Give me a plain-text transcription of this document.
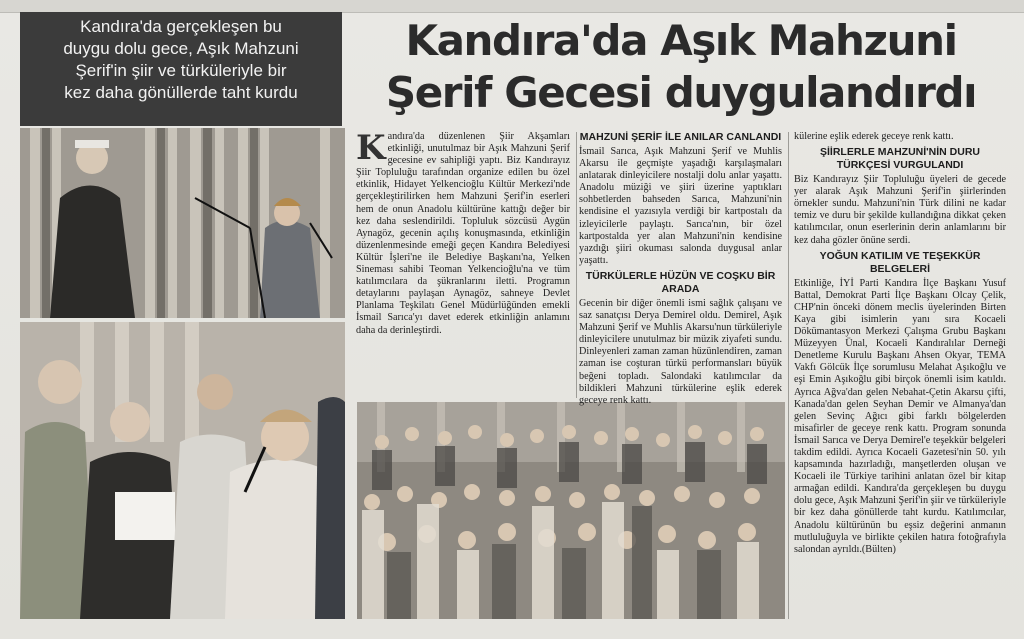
Kandıra'da gerçekleşen bu
duygu dolu gece, Aşık Mahzuni
Şerif'in şiir ve türküleriyle bir
kez daha gönüllerde taht kurdu
Kandıra'da Aşık Mahzuni
Şerif Gecesi duygulandırdı
K andıra'da düzenlenen Şiir Akşamları etkinliği, unutulmaz bir Aşık Mahzuni Şerif gecesine ev sahipliği yaptı. Biz Kandırayız Şiir Topluluğu tarafından organize edilen bu özel etkinlik, Hidayet Yelkencioğlu Kültür Merkezi'nde gerçekleştirilirken hem Mahzuni Şerif'in eserleri hem de onun Anadolu kültürüne kattığı değer bir kez daha seslendirildi. Topluluk sözcüsü Aygün Aynagöz, gecenin açılış konuşmasında, etkinliğin düzenlenmesinde emeği geçen Kandıra Belediyesi Kültür İşleri'ne ile Belediye Başkanı'na, Yelken Sineması sahibi Teoman Yelkencioğlu'na ve tüm katılımcılara da şükranlarını iletti. Programın detaylarını paylaşan Aynagöz, sahneye Devlet Planlama Teşkilatı Genel Müdürlüğünden emekli İsmail Sarıca'yı davet ederek etkinliğin anlamını daha da derinleştirdi.

MAHZUNİ ŞERİF İLE ANILAR CANLANDI

İsmail Sarıca, Aşık Mahzuni Şerif ve Muhlis Akarsu ile geçmişte yaşadığı karşılaşmaları anlatarak dinleyicilere nostalji dolu anlar yaşattı. Anadolu müziği ve şiiri üzerine yaptıkları sohbetlerden bahseden Sarıca, Mahzuni'nin kendisine el yazısıyla verdiği bir kartpostalı da izleyicilerle paylaştı. Sarıca'nın, bir özel kartpostalda yer alan Mahzuni'nin kendisine yazdığı şiiri okuması salonda duygusal anlar yaşattı.

TÜRKÜLERLE HÜZÜN VE COŞKU BİR ARADA

Gecenin bir diğer önemli ismi sağlık çalışanı ve saz sanatçısı Derya Demirel oldu. Demirel, Aşık Mahzuni Şerif ve Muhlis Akarsu'nun türküleriyle dinleyicilere unutulmaz bir müzik ziyafeti sundu. Dinleyenleri zaman zaman hüzünlendiren, zaman zaman ise coşturan türkü performansları büyük beğeni topladı. Salondaki katılımcılar da bildikleri Mahzuni türkülerine eşlik ederek geceye renk kattı.

külerine eşlik ederek geceye renk kattı.

ŞİİRLERLE MAHZUNİ'NİN DURU TÜRKÇESİ VURGULANDI

Biz Kandırayız Şiir Topluluğu üyeleri de gecede yer alarak Aşık Mahzuni Şerif'in şiirlerinden örnekler sundu. Mahzuni'nin Türk dilini ne kadar temiz ve duru bir şekilde kullandığına dikkat çeken katılımcılar, onun eserlerinin derin anlamlarını bir kez daha gözler önüne serdi.

YOĞUN KATILIM VE TEŞEKKÜR BELGELERİ

Etkinliğe, İYİ Parti Kandıra İlçe Başkanı Yusuf Battal, Demokrat Parti İlçe Başkanı Olcay Çelik, CHP'nin önceki dönem meclis üyelerinden Birten Kaya gibi isimlerin yanı sıra Kocaeli Dökümantasyon Merkezi Çalışma Grubu Başkanı Müzeyyen Ünal, Kocaeli Kandıralılar Derneği Denetleme Kurulu Başkanı Ahsen Okyar, TEMA Vakfı Gölcük İlçe sorumlusu Melahat Aşıkoğlu ve eşi Emin Aşıkoğlu gibi birçok önemli isim katıldı. Ayrıca Ağva'dan gelen Nebahat-Çetin Akarsu çifti, Kanada'dan gelen Seyhan Demir ve Almanya'dan gelen Sevinç Ağıcı gibi farklı bölgelerden misafirler de geceye renk kattı. Program sonunda İsmail Sarıca ve Derya Demirel'e teşekkür belgeleri takdim edildi. Ayrıca Kocaeli Gazetesi'nin 50. yılı kapsamında hazırladığı, manşetlerden oluşan ve Kocaeli ile Türkiye tarihini anlatan özel bir kitap armağan edildi. Kandıra'da gerçekleşen bu duygu dolu gece, Aşık Mahzuni Şerif'in şiir ve türküleriyle bir kez daha gönüllerde taht kurdu. Katılımcılar, Anadolu kültürünün bu eşsiz değerini anmanın mutluluğuyla ve birlikte çekilen hatıra fotoğrafıyla salondan ayrıldı.(Bülten)
